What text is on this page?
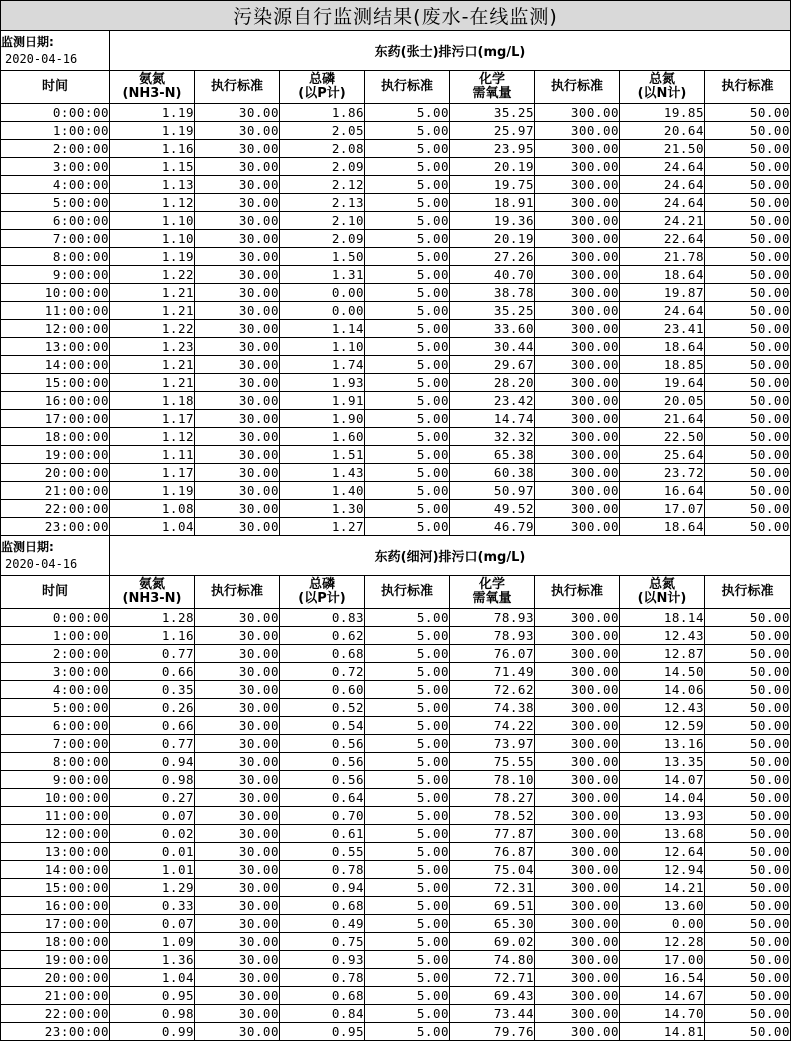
污染源自行监测结果(废水-在线监测)								
监测日期:
2020-04-16	东药(张士)排污口(mg/L)							

时间	氨氮
(NH3-N)	执行标准	总磷
(以P计)	执行标准	化学
需氧量	执行标准	总氮
(以N计)	执行标准

0:00:00	1.19	30.00	1.86	5.00	35.25	300.00	19.85	50.00
1:00:00	1.19	30.00	2.05	5.00	25.97	300.00	20.64	50.00
2:00:00	1.16	30.00	2.08	5.00	23.95	300.00	21.50	50.00
3:00:00	1.15	30.00	2.09	5.00	20.19	300.00	24.64	50.00
4:00:00	1.13	30.00	2.12	5.00	19.75	300.00	24.64	50.00
5:00:00	1.12	30.00	2.13	5.00	18.91	300.00	24.64	50.00
6:00:00	1.10	30.00	2.10	5.00	19.36	300.00	24.21	50.00
7:00:00	1.10	30.00	2.09	5.00	20.19	300.00	22.64	50.00
8:00:00	1.19	30.00	1.50	5.00	27.26	300.00	21.78	50.00
9:00:00	1.22	30.00	1.31	5.00	40.70	300.00	18.64	50.00
10:00:00	1.21	30.00	0.00	5.00	38.78	300.00	19.87	50.00
11:00:00	1.21	30.00	0.00	5.00	35.25	300.00	24.64	50.00
12:00:00	1.22	30.00	1.14	5.00	33.60	300.00	23.41	50.00
13:00:00	1.23	30.00	1.10	5.00	30.44	300.00	18.64	50.00
14:00:00	1.21	30.00	1.74	5.00	29.67	300.00	18.85	50.00
15:00:00	1.21	30.00	1.93	5.00	28.20	300.00	19.64	50.00
16:00:00	1.18	30.00	1.91	5.00	23.42	300.00	20.05	50.00
17:00:00	1.17	30.00	1.90	5.00	14.74	300.00	21.64	50.00
18:00:00	1.12	30.00	1.60	5.00	32.32	300.00	22.50	50.00
19:00:00	1.11	30.00	1.51	5.00	65.38	300.00	25.64	50.00
20:00:00	1.17	30.00	1.43	5.00	60.38	300.00	23.72	50.00
21:00:00	1.19	30.00	1.40	5.00	50.97	300.00	16.64	50.00
22:00:00	1.08	30.00	1.30	5.00	49.52	300.00	17.07	50.00
23:00:00	1.04	30.00	1.27	5.00	46.79	300.00	18.64	50.00
监测日期:
2020-04-16	东药(细河)排污口(mg/L)							

时间	氨氮
(NH3-N)	执行标准	总磷
(以P计)	执行标准	化学
需氧量	执行标准	总氮
(以N计)	执行标准

0:00:00	1.28	30.00	0.83	5.00	78.93	300.00	18.14	50.00
1:00:00	1.16	30.00	0.62	5.00	78.93	300.00	12.43	50.00
2:00:00	0.77	30.00	0.68	5.00	76.07	300.00	12.87	50.00
3:00:00	0.66	30.00	0.72	5.00	71.49	300.00	14.50	50.00
4:00:00	0.35	30.00	0.60	5.00	72.62	300.00	14.06	50.00
5:00:00	0.26	30.00	0.52	5.00	74.38	300.00	12.43	50.00
6:00:00	0.66	30.00	0.54	5.00	74.22	300.00	12.59	50.00
7:00:00	0.77	30.00	0.56	5.00	73.97	300.00	13.16	50.00
8:00:00	0.94	30.00	0.56	5.00	75.55	300.00	13.35	50.00
9:00:00	0.98	30.00	0.56	5.00	78.10	300.00	14.07	50.00
10:00:00	0.27	30.00	0.64	5.00	78.27	300.00	14.04	50.00
11:00:00	0.07	30.00	0.70	5.00	78.52	300.00	13.93	50.00
12:00:00	0.02	30.00	0.61	5.00	77.87	300.00	13.68	50.00
13:00:00	0.01	30.00	0.55	5.00	76.87	300.00	12.64	50.00
14:00:00	1.01	30.00	0.78	5.00	75.04	300.00	12.94	50.00
15:00:00	1.29	30.00	0.94	5.00	72.31	300.00	14.21	50.00
16:00:00	0.33	30.00	0.68	5.00	69.51	300.00	13.60	50.00
17:00:00	0.07	30.00	0.49	5.00	65.30	300.00	0.00	50.00
18:00:00	1.09	30.00	0.75	5.00	69.02	300.00	12.28	50.00
19:00:00	1.36	30.00	0.93	5.00	74.80	300.00	17.00	50.00
20:00:00	1.04	30.00	0.78	5.00	72.71	300.00	16.54	50.00
21:00:00	0.95	30.00	0.68	5.00	69.43	300.00	14.67	50.00
22:00:00	0.98	30.00	0.84	5.00	73.44	300.00	14.70	50.00
23:00:00	0.99	30.00	0.95	5.00	79.76	300.00	14.81	50.00
